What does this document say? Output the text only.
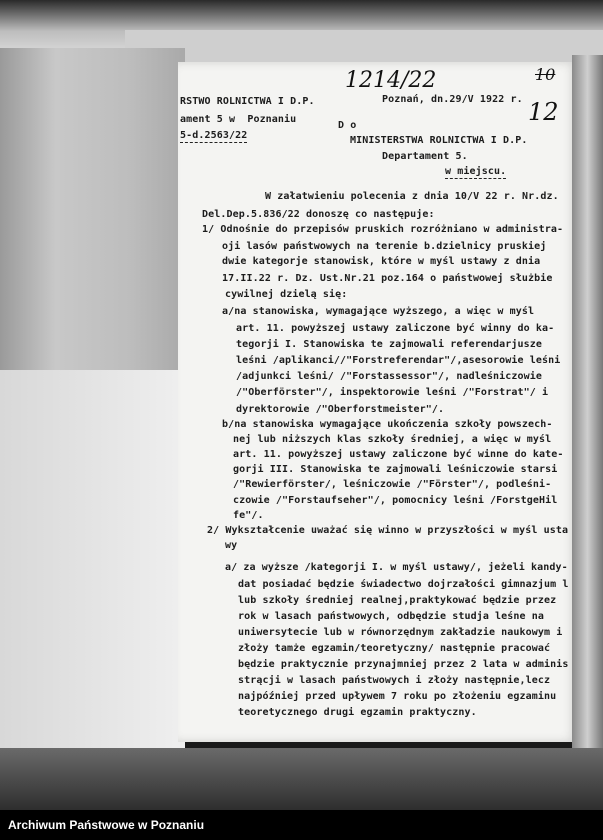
1214/22	10
12
RSTWO ROLNICTWA I D.P.
ament 5 w  Poznaniu
5-d.2563/22
Poznań, dn.29/V 1922 r.
D o
MINISTERSTWA ROLNICTWA I D.P.
Departament 5.
w miejscu.
W załatwieniu polecenia z dnia 10/V 22 r. Nr.dz.
Del.Dep.5.836/22 donoszę co następuje:
1/ Odnośnie do przepisów pruskich rozróżniano w administra-
oji lasów państwowych na terenie b.dzielnicy pruskiej
dwie kategorje stanowisk, które w myśl ustawy z dnia
17.II.22 r. Dz. Ust.Nr.21 poz.164 o państwowej służbie
cywilnej dzielą się:
a/na stanowiska, wymagające wyższego, a więc w myśl
art. 11. powyższej ustawy zaliczone być winny do ka-
tegorji I. Stanowiska te zajmowali referendarjusze
leśni /aplikanci//"Forstreferendar"/,asesorowie leśni
/adjunkci leśni/ /"Forstassessor"/, nadleśniczowie
/"Oberförster"/, inspektorowie leśni /"Forstrat"/ i
dyrektorowie /"Oberforstmeister"/.
b/na stanowiska wymagające ukończenia szkoły powszech-
nej lub niższych klas szkoły średniej, a więc w myśl
art. 11. powyższej ustawy zaliczone być winne do kate-
gorji III. Stanowiska te zajmowali leśniczowie starsi
/"Rewierförster/, leśniczowie /"Förster"/, podleśni-
czowie /"Forstaufseher"/, pomocnicy leśni /ForstgeHil
fe"/.
2/ Wykształcenie uważać się winno w przyszłości w myśl usta
wy
a/ za wyższe /kategorji I. w myśl ustawy/, jeżeli kandy-
dat posiadać będzie świadectwo dojrzałości gimnazjum l
lub szkoły średniej realnej,praktykować będzie przez
rok w lasach państwowych, odbędzie studja leśne na
uniwersytecie lub w równorzędnym zakładzie naukowym i
złoży tamże egzamin/teoretyczny/ następnie pracować
będzie praktycznie przynajmniej przez 2 lata w adminis
strącji w lasach państwowych i złoży następnie,lecz
najpóźniej przed upływem 7 roku po złożeniu egzaminu
teoretycznego drugi egzamin praktyczny.
Archiwum Państwowe w Poznaniu
